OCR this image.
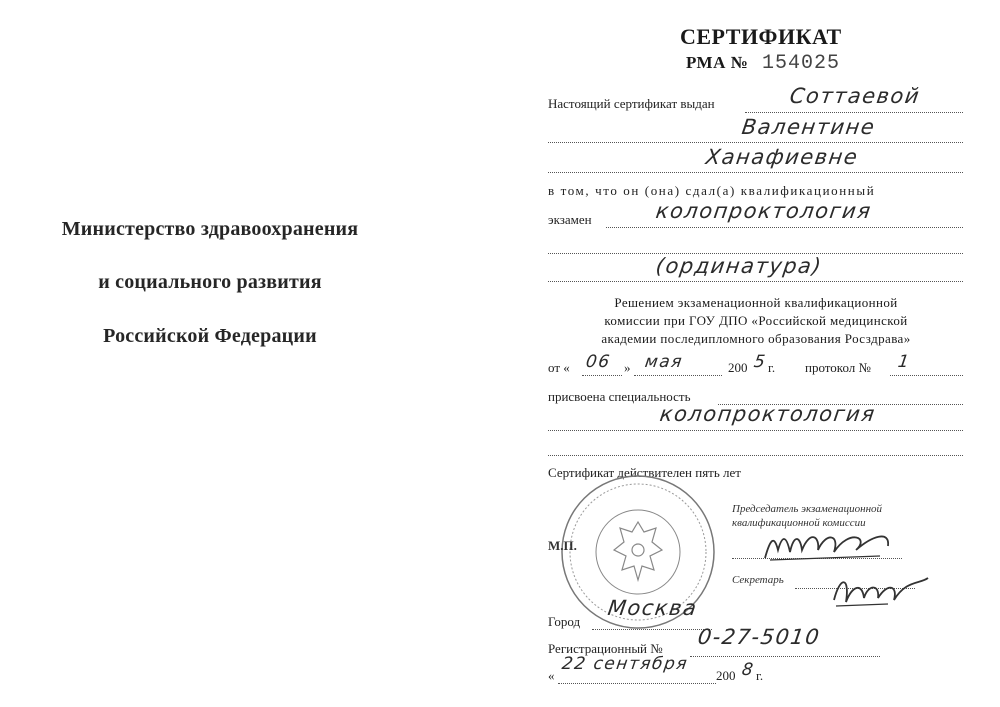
Министерство здравоохранения
и социального развития
Российской Федерации
СЕРТИФИКАТ
РМА № 154025
Настоящий сертификат выдан	Соттаевой
Валентине
Ханафиевне
в том, что он (она) сдал(а) квалификационный
экзамен	колопроктология
(ординатура)
Решением экзаменационной квалификационной
комиссии при ГОУ ДПО «Российской медицинской
академии последипломного образования Росздрава»
от « 06 » мая	200 5 г. протокол № 1
присвоена специальность
колопроктология
Сертификат действителен пять лет
М.П.
Председатель экзаменационной
квалификационной комиссии
Секретарь
Город
Москва
Регистрационный № 0-27-5010
«
22 сентября
200 8 г.
